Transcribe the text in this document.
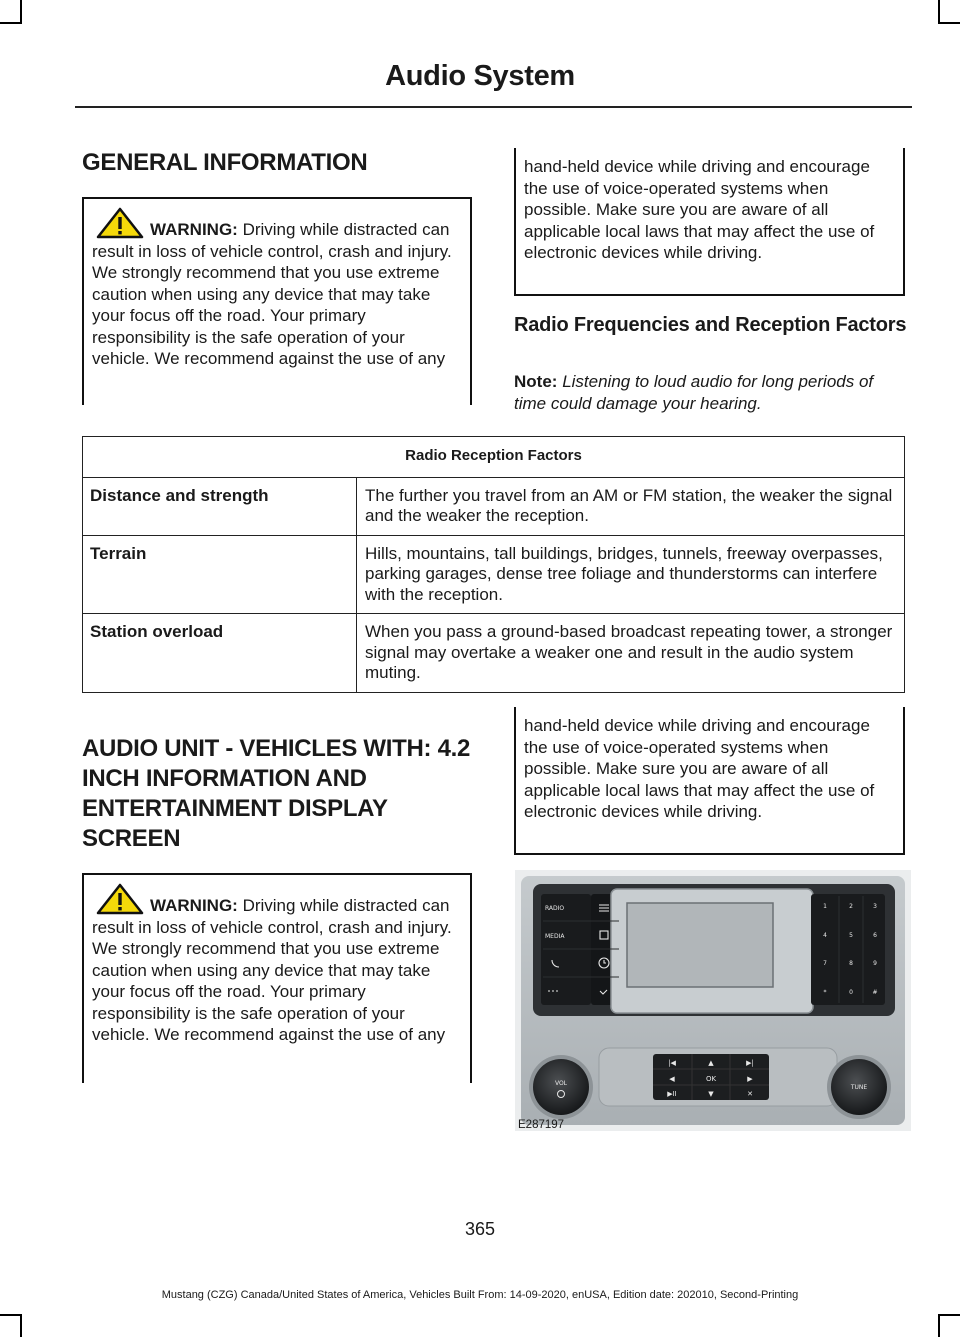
Audio System
GENERAL INFORMATION
WARNING: Driving while distracted can result in loss of vehicle control, crash and injury. We strongly recommend that you use extreme caution when using any device that may take your focus off the road. Your primary responsibility is the safe operation of your vehicle. We recommend against the use of any
hand-held device while driving and encourage the use of voice-operated systems when possible. Make sure you are aware of all applicable local laws that may affect the use of electronic devices while driving.
Radio Frequencies and Reception Factors

Note: Listening to loud audio for long periods of time could damage your hearing.

Radio Reception Factors	
Distance and strength	The further you travel from an AM or FM station, the weaker the signal and the weaker the reception.
Terrain	Hills, mountains, tall buildings, bridges, tunnels, freeway overpasses, parking garages, dense tree foliage and thunderstorms can interfere with the reception.
Station overload	When you pass a ground-based broadcast repeating tower, a stronger signal may overtake a weaker one and result in the audio system muting.
AUDIO UNIT - VEHICLES WITH: 4.2 INCH INFORMATION AND ENTERTAINMENT DISPLAY SCREEN
WARNING: Driving while distracted can result in loss of vehicle control, crash and injury. We strongly recommend that you use extreme caution when using any device that may take your focus off the road. Your primary responsibility is the safe operation of your vehicle. We recommend against the use of any
hand-held device while driving and encourage the use of voice-operated systems when possible. Make sure you are aware of all applicable local laws that may affect the use of electronic devices while driving.
RADIO
MEDIA
1	2	3
4	5	6
7	8	9
*	0	#
|◀	▲	▶|
◀	OK	▶
▶II	▼	✕
VOL
TUNE
E287197
365
Mustang (CZG) Canada/United States of America, Vehicles Built From: 14-09-2020, enUSA, Edition date: 202010, Second-Printing
